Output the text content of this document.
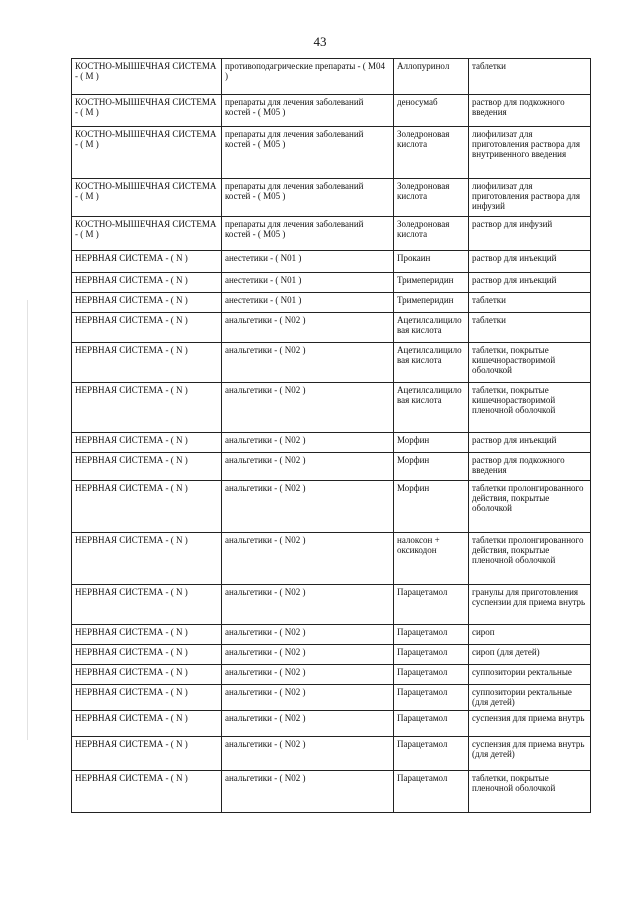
43
КОСТНО-МЫШЕЧНАЯ СИСТЕМА - ( М )	противоподагрические препараты - ( М04 )	Аллопуринол	таблетки
КОСТНО-МЫШЕЧНАЯ СИСТЕМА - ( М )	препараты для лечения заболеваний костей - ( М05 )	деносумаб	раствор для подкожного введения
КОСТНО-МЫШЕЧНАЯ СИСТЕМА - ( М )	препараты для лечения заболеваний костей - ( М05 )	Золедроновая кислота	лиофилизат для приготовления раствора для внутривенного введения
КОСТНО-МЫШЕЧНАЯ СИСТЕМА - ( М )	препараты для лечения заболеваний костей - ( М05 )	Золедроновая кислота	лиофилизат для приготовления раствора для инфузий
КОСТНО-МЫШЕЧНАЯ СИСТЕМА - ( М )	препараты для лечения заболеваний костей - ( М05 )	Золедроновая кислота	раствор для инфузий
НЕРВНАЯ СИСТЕМА - ( N )	анестетики - ( N01 )	Прокаин	раствор для инъекций
НЕРВНАЯ СИСТЕМА - ( N )	анестетики - ( N01 )	Тримеперидин	раствор для инъекций
НЕРВНАЯ СИСТЕМА - ( N )	анестетики - ( N01 )	Тримеперидин	таблетки
НЕРВНАЯ СИСТЕМА - ( N )	анальгетики - ( N02 )	Ацетилсалицило вая кислота	таблетки
НЕРВНАЯ СИСТЕМА - ( N )	анальгетики - ( N02 )	Ацетилсалицило вая кислота	таблетки, покрытые кишечнорастворимой оболочкой
НЕРВНАЯ СИСТЕМА - ( N )	анальгетики - ( N02 )	Ацетилсалицило вая кислота	таблетки, покрытые кишечнорастворимой пленочной оболочкой
НЕРВНАЯ СИСТЕМА - ( N )	анальгетики - ( N02 )	Морфин	раствор для инъекций
НЕРВНАЯ СИСТЕМА - ( N )	анальгетики - ( N02 )	Морфин	раствор для подкожного введения
НЕРВНАЯ СИСТЕМА - ( N )	анальгетики - ( N02 )	Морфин	таблетки пролонгированного действия, покрытые оболочкой
НЕРВНАЯ СИСТЕМА - ( N )	анальгетики - ( N02 )	налоксон + оксикодон	таблетки пролонгированного действия, покрытые пленочной оболочкой
НЕРВНАЯ СИСТЕМА - ( N )	анальгетики - ( N02 )	Парацетамол	гранулы для приготовления суспензии для приема внутрь
НЕРВНАЯ СИСТЕМА - ( N )	анальгетики - ( N02 )	Парацетамол	сироп
НЕРВНАЯ СИСТЕМА - ( N )	анальгетики - ( N02 )	Парацетамол	сироп (для детей)
НЕРВНАЯ СИСТЕМА - ( N )	анальгетики - ( N02 )	Парацетамол	суппозитории ректальные
НЕРВНАЯ СИСТЕМА - ( N )	анальгетики - ( N02 )	Парацетамол	суппозитории ректальные (для детей)
НЕРВНАЯ СИСТЕМА - ( N )	анальгетики - ( N02 )	Парацетамол	суспензия для приема внутрь
НЕРВНАЯ СИСТЕМА - ( N )	анальгетики - ( N02 )	Парацетамол	суспензия для приема внутрь (для детей)
НЕРВНАЯ СИСТЕМА - ( N )	анальгетики - ( N02 )	Парацетамол	таблетки, покрытые пленочной оболочкой
